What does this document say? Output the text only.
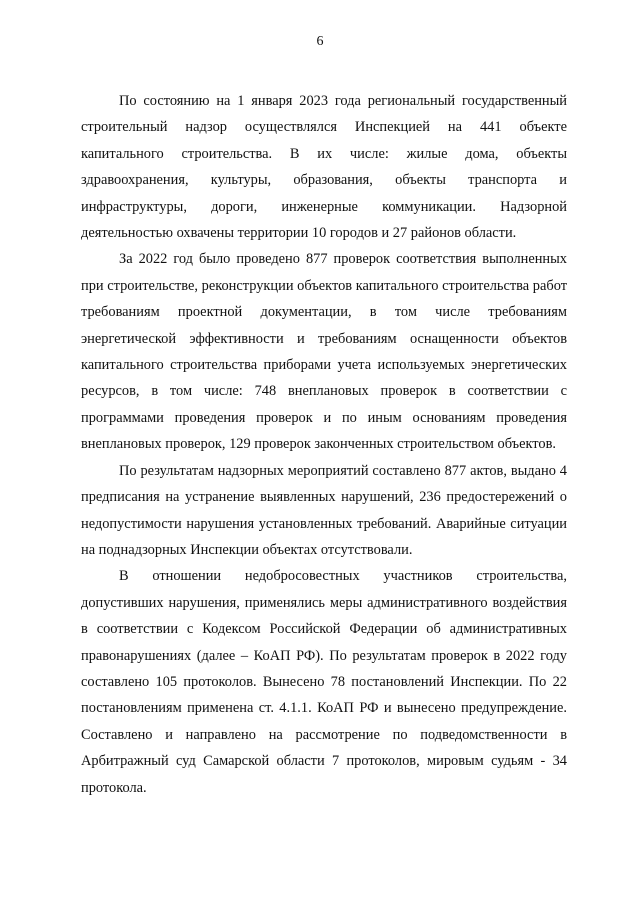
6

По состоянию на 1 января 2023 года региональный государственный строительный надзор осуществлялся Инспекцией на 441 объекте капитального строительства. В их числе: жилые дома, объекты здравоохранения, культуры, образования, объекты транспорта и инфраструктуры, дороги, инженерные коммуникации. Надзорной деятельностью охвачены территории 10 городов и 27 районов области.

За 2022 год было проведено 877 проверок соответствия выполненных при строительстве, реконструкции объектов капитального строительства работ требованиям проектной документации, в том числе требованиям энергетической эффективности и требованиям оснащенности объектов капитального строительства приборами учета используемых энергетических ресурсов, в том числе: 748 внеплановых проверок в соответствии с программами проведения проверок и по иным основаниям проведения внеплановых проверок, 129 проверок законченных строительством объектов.

По результатам надзорных мероприятий составлено 877 актов, выдано 4 предписания на устранение выявленных нарушений, 236 предостережений о недопустимости нарушения установленных требований. Аварийные ситуации на поднадзорных Инспекции объектах отсутствовали.

В отношении недобросовестных участников строительства, допустивших нарушения, применялись меры административного воздействия в соответствии с Кодексом Российской Федерации об административных правонарушениях (далее – КоАП РФ). По результатам проверок в 2022 году составлено 105 протоколов. Вынесено 78 постановлений Инспекции. По 22 постановлениям применена ст. 4.1.1. КоАП РФ и вынесено предупреждение. Составлено и направлено на рассмотрение по подведомственности в Арбитражный суд Самарской области 7 протоколов, мировым судьям - 34 протокола.
